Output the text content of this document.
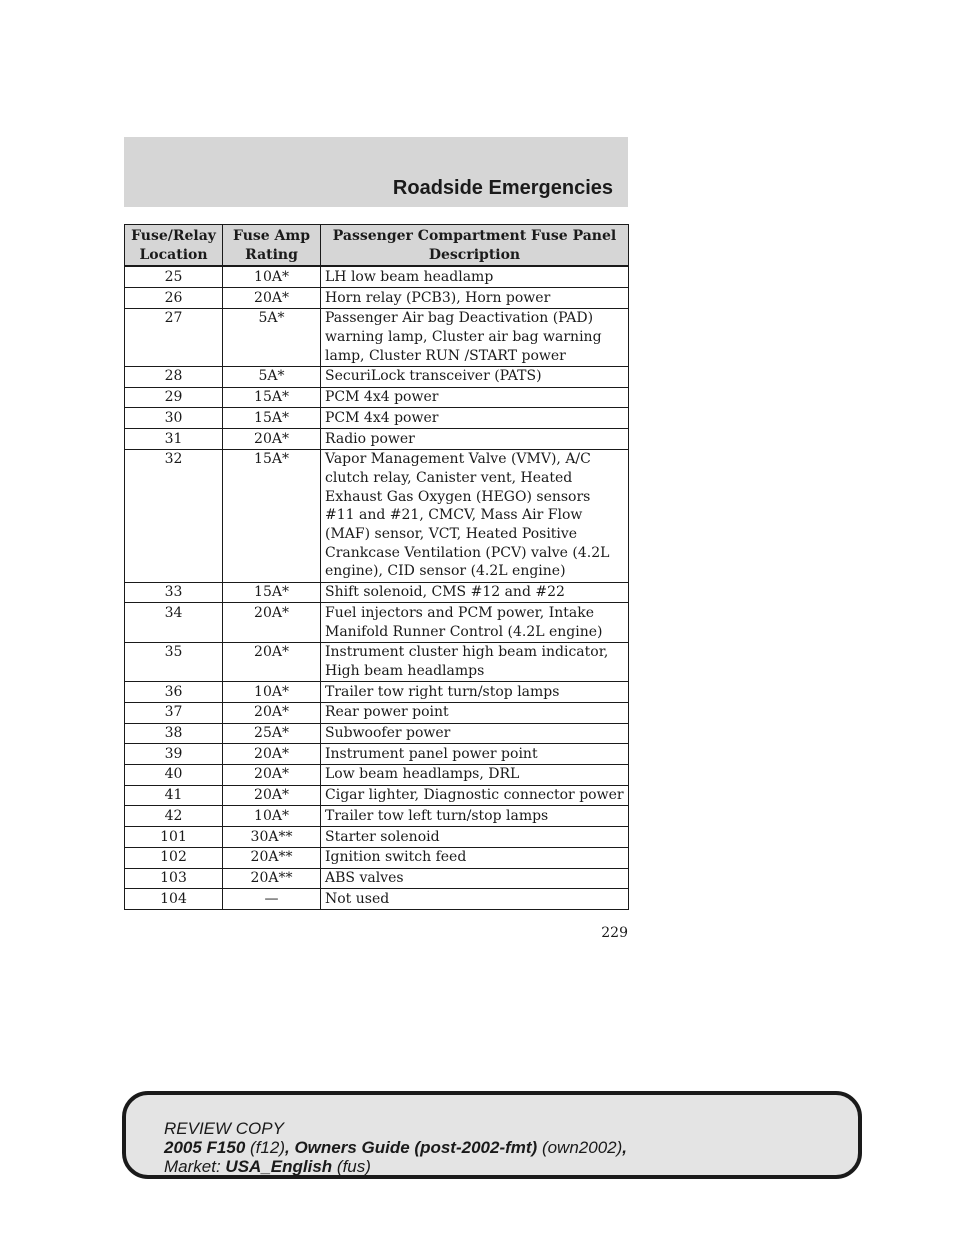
Roadside Emergencies
Fuse/Relay Location	Fuse Amp Rating	Passenger Compartment Fuse Panel Description
25	10A*	LH low beam headlamp
26	20A*	Horn relay (PCB3), Horn power
27	5A*	Passenger Air bag Deactivation (PAD) warning lamp, Cluster air bag warning lamp, Cluster RUN /START power
28	5A*	SecuriLock transceiver (PATS)
29	15A*	PCM 4x4 power
30	15A*	PCM 4x4 power
31	20A*	Radio power
32	15A*	Vapor Management Valve (VMV), A/C clutch relay, Canister vent, Heated Exhaust Gas Oxygen (HEGO) sensors #11 and #21, CMCV, Mass Air Flow (MAF) sensor, VCT, Heated Positive Crankcase Ventilation (PCV) valve (4.2L engine), CID sensor (4.2L engine)
33	15A*	Shift solenoid, CMS #12 and #22
34	20A*	Fuel injectors and PCM power, Intake Manifold Runner Control (4.2L engine)
35	20A*	Instrument cluster high beam indicator, High beam headlamps
36	10A*	Trailer tow right turn/stop lamps
37	20A*	Rear power point
38	25A*	Subwoofer power
39	20A*	Instrument panel power point
40	20A*	Low beam headlamps, DRL
41	20A*	Cigar lighter, Diagnostic connector power
42	10A*	Trailer tow left turn/stop lamps
101	30A**	Starter solenoid
102	20A**	Ignition switch feed
103	20A**	ABS valves
104	—	Not used
229
REVIEW COPY
2005 F150 (f12), Owners Guide (post-2002-fmt) (own2002),
Market: USA_English (fus)
